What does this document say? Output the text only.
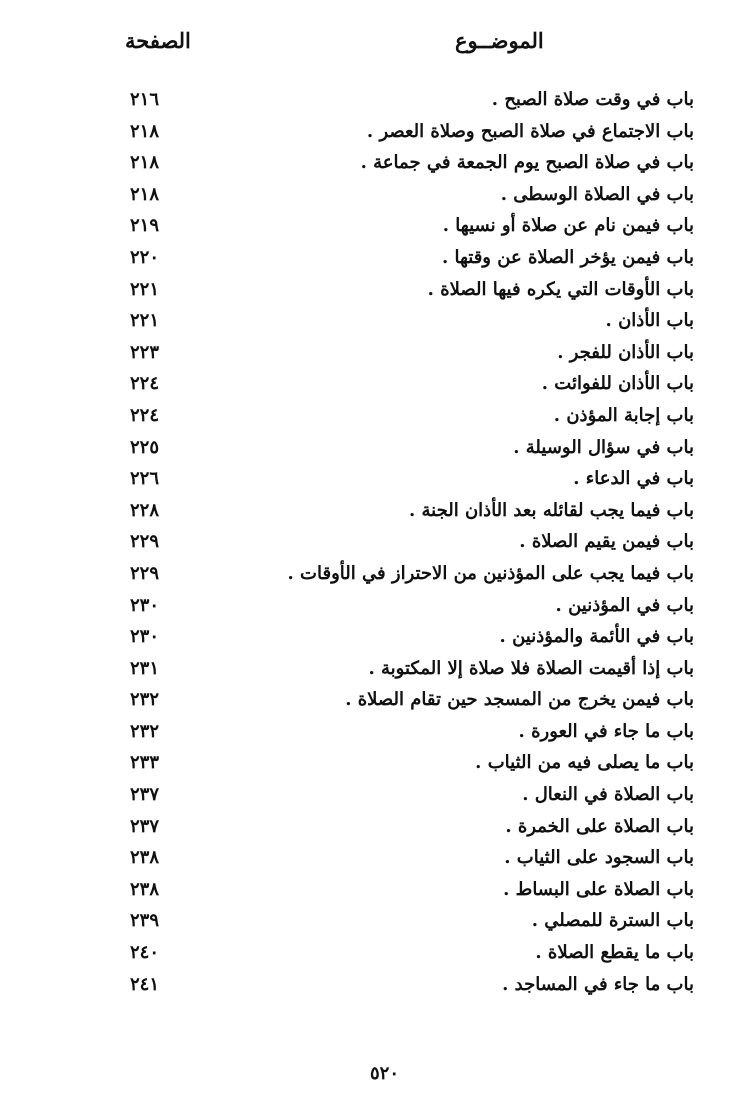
الموضــوع
الصفحة
باب في وقت صلاة الصبح .
٢١٦
باب الاجتماع في صلاة الصبح وصلاة العصر .
٢١٨
باب في صلاة الصبح يوم الجمعة في جماعة .
٢١٨
باب في الصلاة الوسطى .
٢١٨
باب فيمن نام عن صلاة أو نسيها .
٢١٩
باب فيمن يؤخر الصلاة عن وقتها .
٢٢٠
باب الأوقات التي يكره فيها الصلاة .
٢٢١
باب الأذان .
٢٢١
باب الأذان للفجر .
٢٢٣
باب الأذان للفوائت .
٢٢٤
باب إجابة المؤذن .
٢٢٤
باب في سؤال الوسيلة .
٢٢٥
باب في الدعاء .
٢٢٦
باب فيما يجب لقائله بعد الأذان الجنة .
٢٢٨
باب فيمن يقيم الصلاة .
٢٢٩
باب فيما يجب على المؤذنين من الاحتراز في الأوقات .
٢٢٩
باب في المؤذنين .
٢٣٠
باب في الأئمة والمؤذنين .
٢٣٠
باب إذا أقيمت الصلاة فلا صلاة إلا المكتوبة .
٢٣١
باب فيمن يخرج من المسجد حين تقام الصلاة .
٢٣٢
باب ما جاء في العورة .
٢٣٢
باب ما يصلى فيه من الثياب .
٢٣٣
باب الصلاة في النعال .
٢٣٧
باب الصلاة على الخمرة .
٢٣٧
باب السجود على الثياب .
٢٣٨
باب الصلاة على البساط .
٢٣٨
باب السترة للمصلي .
٢٣٩
باب ما يقطع الصلاة .
٢٤٠
باب ما جاء في المساجد .
٢٤١
٥٢٠
